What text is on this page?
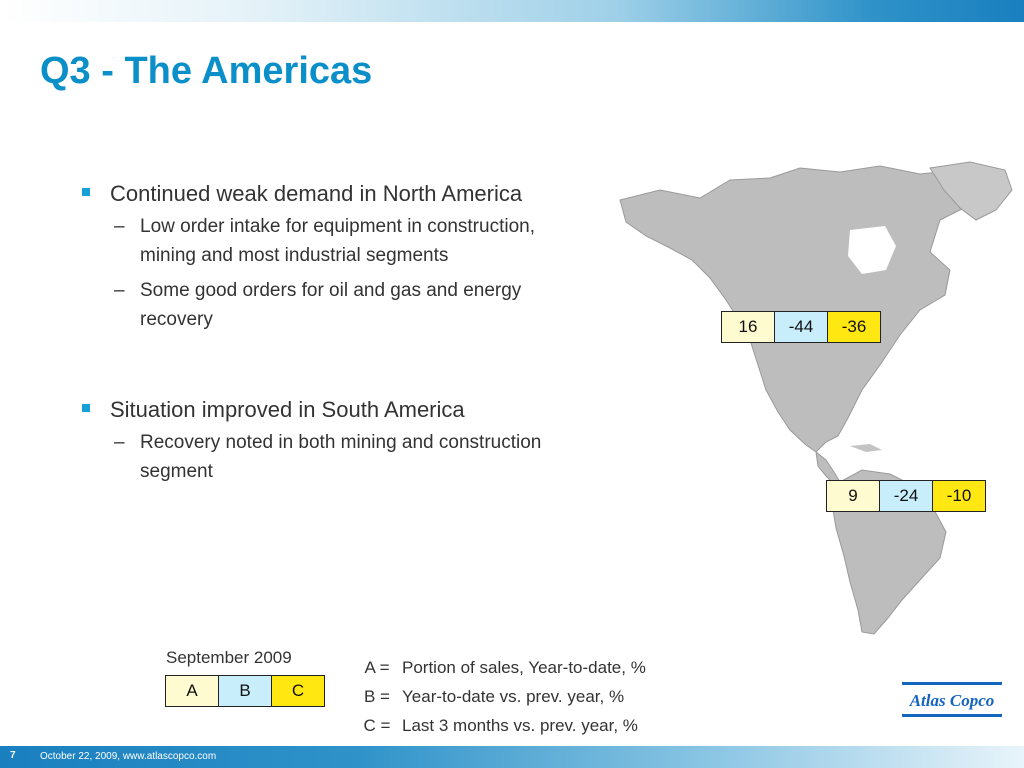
Q3 - The Americas
Continued weak demand in North America
– Low order intake for equipment in construction, mining and most industrial segments
– Some good orders for oil and gas and energy recovery
Situation improved in South America
– Recovery noted in both mining and construction segment
16	-44	-36
9	-24	-10
September 2009
A	B	C
A = Portion of sales, Year-to-date, %
B = Year-to-date vs. prev. year, %
C = Last 3 months vs. prev. year, %
Atlas Copco
7 October 22, 2009, www.atlascopco.com
